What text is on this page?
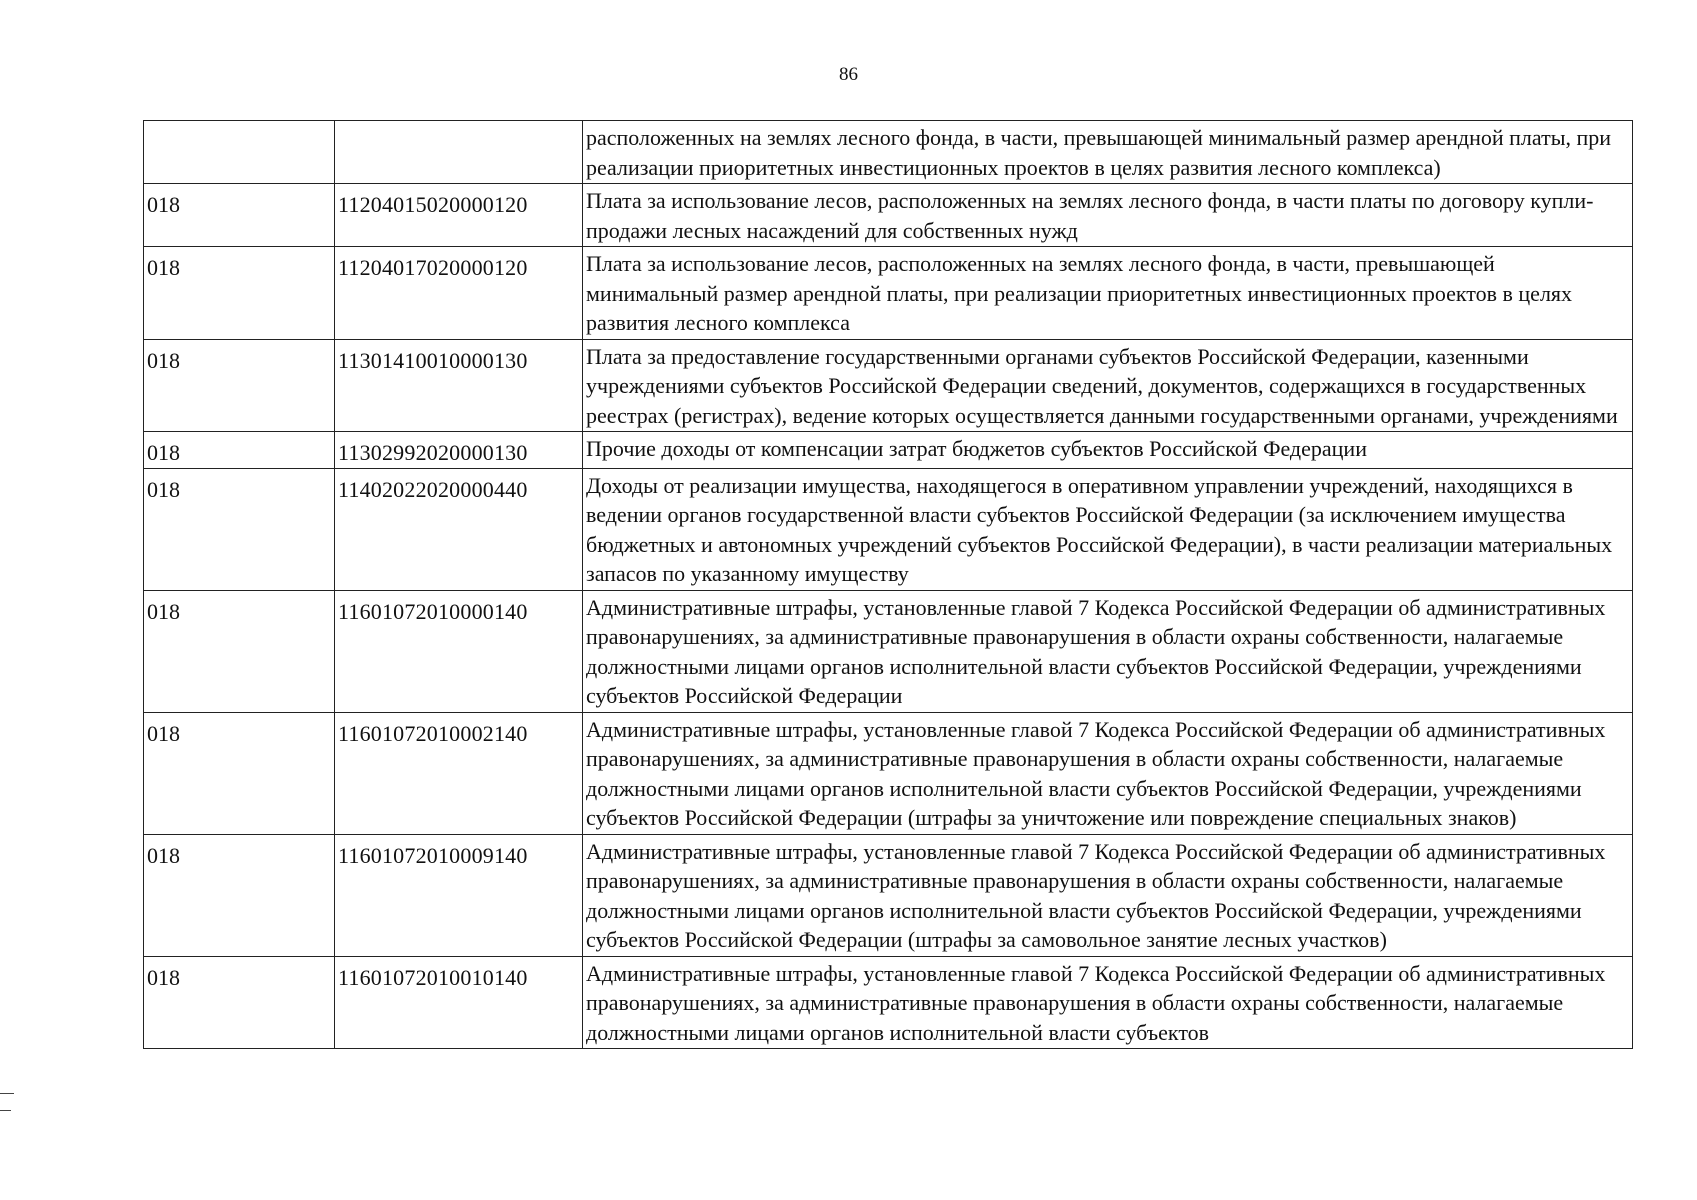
86
		расположенных на землях лесного фонда, в части, превышающей минимальный размер арендной платы, при реализации приоритетных инвестиционных проектов в целях развития лесного комплекса)
018	11204015020000120	Плата за использование лесов, расположенных на землях лесного фонда, в части платы по договору купли-продажи лесных насаждений для собственных нужд
018	11204017020000120	Плата за использование лесов, расположенных на землях лесного фонда, в части, превышающей минимальный размер арендной платы, при реализации приоритетных инвестиционных проектов в целях развития лесного комплекса
018	11301410010000130	Плата за предоставление государственными органами субъектов Российской Федерации, казенными учреждениями субъектов Российской Федерации сведений, документов, содержащихся в государственных реестрах (регистрах), ведение которых осуществляется данными государственными органами, учреждениями
018	11302992020000130	Прочие доходы от компенсации затрат бюджетов субъектов Российской Федерации
018	11402022020000440	Доходы от реализации имущества, находящегося в оперативном управлении учреждений, находящихся в ведении органов государственной власти субъектов Российской Федерации (за исключением имущества бюджетных и автономных учреждений субъектов Российской Федерации), в части реализации материальных запасов по указанному имуществу
018	11601072010000140	Административные штрафы, установленные главой 7 Кодекса Российской Федерации об административных правонарушениях, за административные правонарушения в области охраны собственности, налагаемые должностными лицами органов исполнительной власти субъектов Российской Федерации, учреждениями субъектов Российской Федерации
018	11601072010002140	Административные штрафы, установленные главой 7 Кодекса Российской Федерации об административных правонарушениях, за административные правонарушения в области охраны собственности, налагаемые должностными лицами органов исполнительной власти субъектов Российской Федерации, учреждениями субъектов Российской Федерации (штрафы за уничтожение или повреждение специальных знаков)
018	11601072010009140	Административные штрафы, установленные главой 7 Кодекса Российской Федерации об административных правонарушениях, за административные правонарушения в области охраны собственности, налагаемые должностными лицами органов исполнительной власти субъектов Российской Федерации, учреждениями субъектов Российской Федерации (штрафы за самовольное занятие лесных участков)
018	11601072010010140	Административные штрафы, установленные главой 7 Кодекса Российской Федерации об административных правонарушениях, за административные правонарушения в области охраны собственности, налагаемые должностными лицами органов исполнительной власти субъектов
